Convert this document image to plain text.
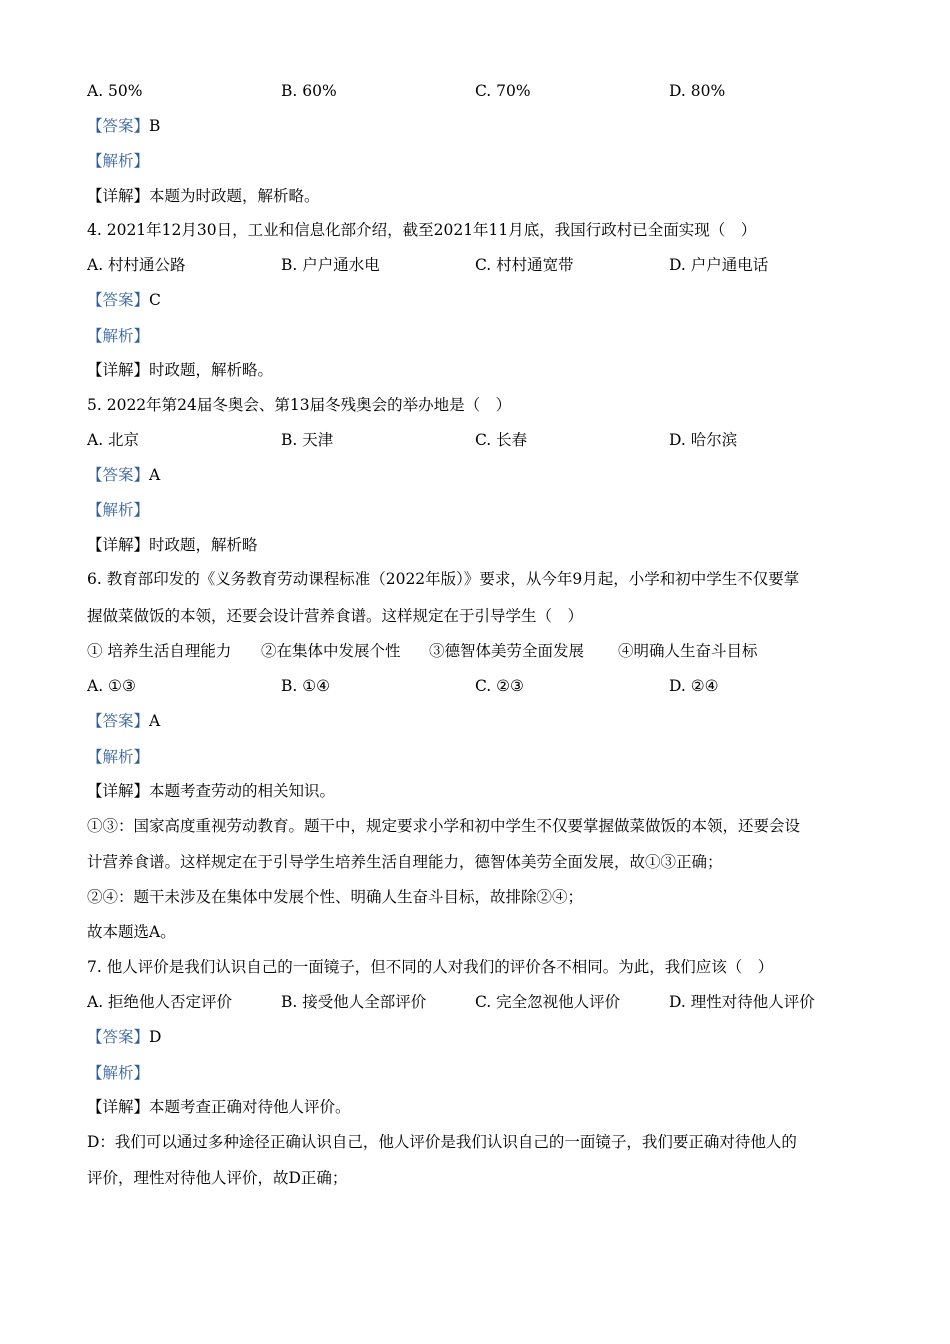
A. 50%	B. 60%	C. 70%	D. 80%
【答案】B
【解析】
【详解】本题为时政题，解析略。
4. 2021年12月30日，工业和信息化部介绍，截至2021年11月底，我国行政村已全面实现（　）
A. 村村通公路	B. 户户通水电	C. 村村通宽带	D. 户户通电话
【答案】C
【解析】
【详解】时政题，解析略。
5. 2022年第24届冬奥会、第13届冬残奥会的举办地是（　）
A. 北京	B. 天津	C. 长春	D. 哈尔滨
【答案】A
【解析】
【详解】时政题，解析略
6. 教育部印发的《义务教育劳动课程标准（2022年版）》要求，从今年9月起，小学和初中学生不仅要掌
握做菜做饭的本领，还要会设计营养食谱。这样规定在于引导学生（　）
① 培养生活自理能力 ②在集体中发展个性 ③德智体美劳全面发展 ④明确人生奋斗目标
A. ①③	B. ①④	C. ②③	D. ②④
【答案】A
【解析】
【详解】本题考查劳动的相关知识。
①③：国家高度重视劳动教育。题干中，规定要求小学和初中学生不仅要掌握做菜做饭的本领，还要会设
计营养食谱。这样规定在于引导学生培养生活自理能力，德智体美劳全面发展，故①③正确；
②④：题干未涉及在集体中发展个性、明确人生奋斗目标，故排除②④；
故本题选A。
7. 他人评价是我们认识自己的一面镜子，但不同的人对我们的评价各不相同。为此，我们应该（　）
A. 拒绝他人否定评价	B. 接受他人全部评价	C. 完全忽视他人评价	D. 理性对待他人评价
【答案】D
【解析】
【详解】本题考查正确对待他人评价。
D：我们可以通过多种途径正确认识自己，他人评价是我们认识自己的一面镜子，我们要正确对待他人的
评价，理性对待他人评价，故D正确；
